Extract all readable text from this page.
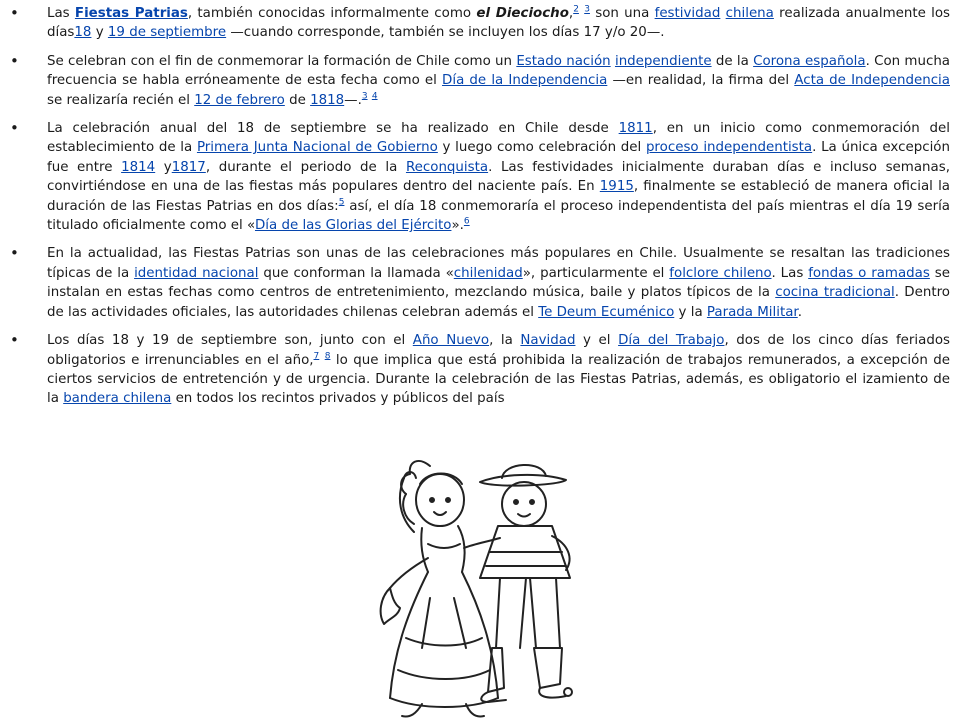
• Las Fiestas Patrias, también conocidas informalmente como el Dieciocho,$^2$ $^3$ son una festividad chilena realizada anualmente los días18 y 19 de septiembre —cuando corresponde, también se incluyen los días 17 y/o 20—.
• Se celebran con el fin de conmemorar la formación de Chile como un Estado nación independiente de la Corona española. Con mucha frecuencia se habla erróneamente de esta fecha como el Día de la Independencia —en realidad, la firma del Acta de Independencia se realizaría recién el 12 de febrero de 1818—.$^3$ $^4$
• La celebración anual del 18 de septiembre se ha realizado en Chile desde 1811, en un inicio como conmemoración del establecimiento de la Primera Junta Nacional de Gobierno y luego como celebración del proceso independentista. La única excepción fue entre 1814 y1817, durante el periodo de la Reconquista. Las festividades inicialmente duraban días e incluso semanas, convirtiéndose en una de las fiestas más populares dentro del naciente país. En 1915, finalmente se estableció de manera oficial la duración de las Fiestas Patrias en dos días:$^5$ así, el día 18 conmemoraría el proceso independentista del país mientras el día 19 sería titulado oficialmente como el «Día de las Glorias del Ejército».$^6$
• En la actualidad, las Fiestas Patrias son unas de las celebraciones más populares en Chile. Usualmente se resaltan las tradiciones típicas de la identidad nacional que conforman la llamada «chilenidad», particularmente el folclore chileno. Las fondas o ramadas se instalan en estas fechas como centros de entretenimiento, mezclando música, baile y platos típicos de la cocina tradicional. Dentro de las actividades oficiales, las autoridades chilenas celebran además el Te Deum Ecuménico y la Parada Militar.
• Los días 18 y 19 de septiembre son, junto con el Año Nuevo, la Navidad y el Día del Trabajo, dos de los cinco días feriados obligatorios e irrenunciables en el año,$^7$ $^8$ lo que implica que está prohibida la realización de trabajos remunerados, a excepción de ciertos servicios de entretención y de urgencia. Durante la celebración de las Fiestas Patrias, además, es obligatorio el izamiento de la bandera chilena en todos los recintos privados y públicos del país
